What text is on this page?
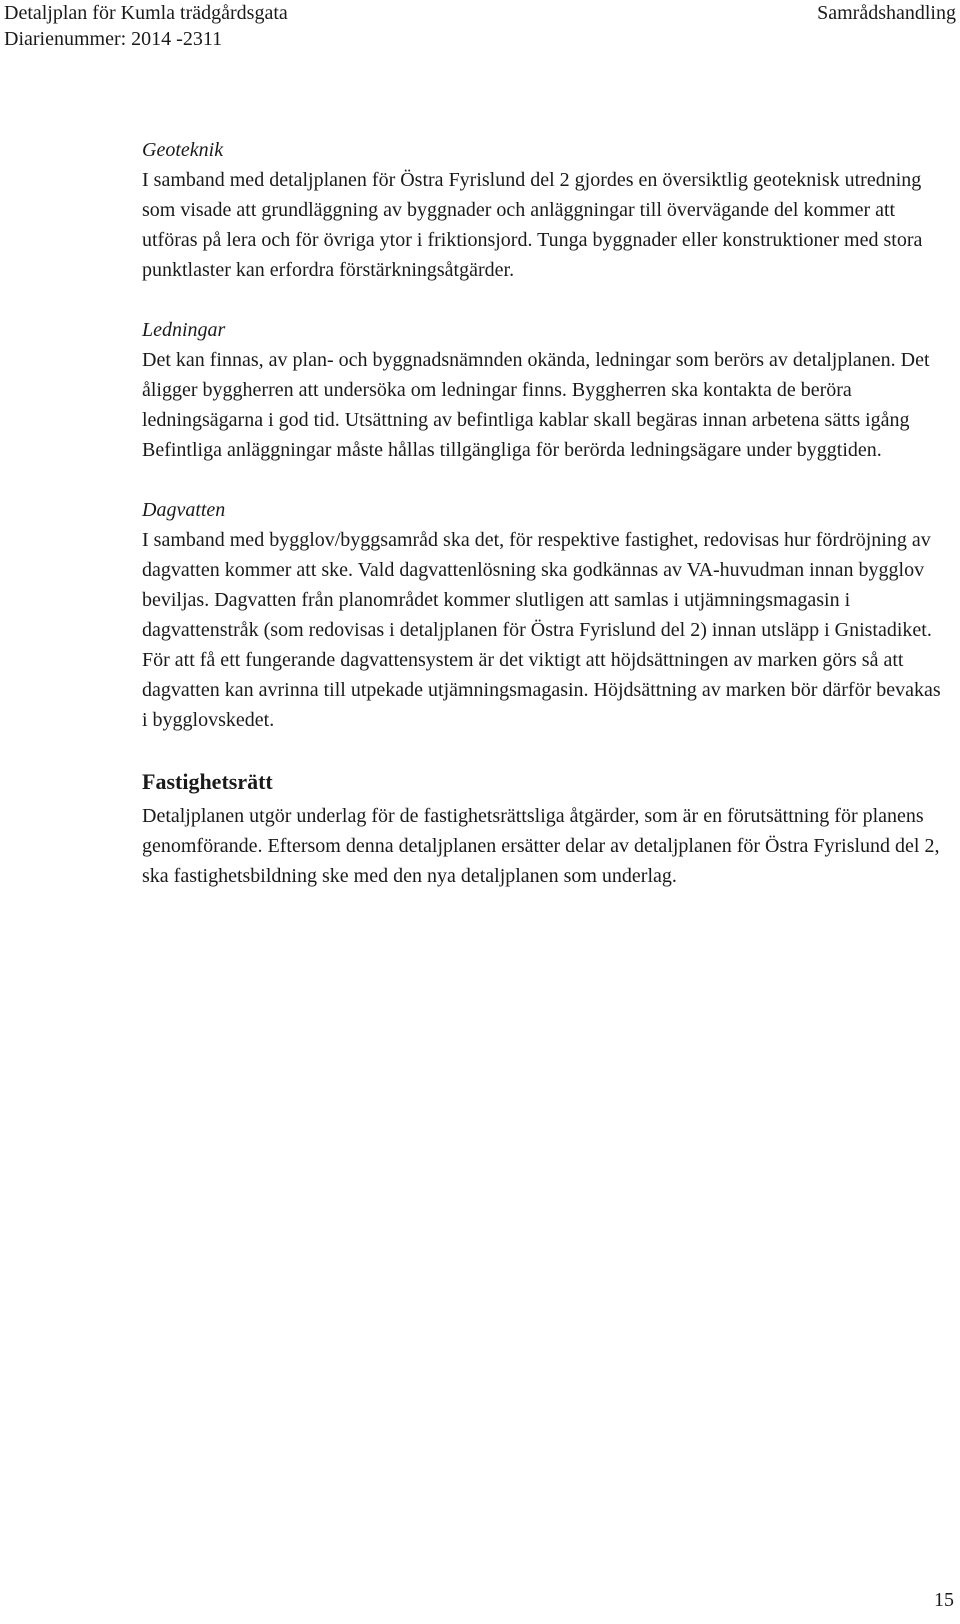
Detaljplan för Kumla trädgårdsgata
Diarienummer: 2014 -2311
Samrådshandling
Geoteknik

I samband med detaljplanen för Östra Fyrislund del 2 gjordes en översiktlig geoteknisk utredning som visade att grundläggning av byggnader och anläggningar till övervägande del kommer att utföras på lera och för övriga ytor i friktionsjord. Tunga byggnader eller konstruktioner med stora punktlaster kan erfordra förstärkningsåtgärder.

Ledningar

Det kan finnas, av plan- och byggnadsnämnden okända, ledningar som berörs av detaljplanen. Det åligger byggherren att undersöka om ledningar finns. Byggherren ska kontakta de beröra ledningsägarna i god tid. Utsättning av befintliga kablar skall begäras innan arbetena sätts igång Befintliga anläggningar måste hållas tillgängliga för berörda ledningsägare under byggtiden.

Dagvatten

I samband med bygglov/byggsamråd ska det, för respektive fastighet, redovisas hur fördröjning av dagvatten kommer att ske. Vald dagvattenlösning ska godkännas av VA-huvudman innan bygglov beviljas. Dagvatten från planområdet kommer slutligen att samlas i utjämningsmagasin i dagvattenstråk (som redovisas i detaljplanen för Östra Fyrislund del 2) innan utsläpp i Gnistadiket. För att få ett fungerande dagvattensystem är det viktigt att höjdsättningen av marken görs så att dagvatten kan avrinna till utpekade utjämningsmagasin. Höjdsättning av marken bör därför bevakas i bygglovskedet.

Fastighetsrätt

Detaljplanen utgör underlag för de fastighetsrättsliga åtgärder, som är en förutsättning för planens genomförande. Eftersom denna detaljplanen ersätter delar av detaljplanen för Östra Fyrislund del 2, ska fastighetsbildning ske med den nya detaljplanen som underlag.

15
